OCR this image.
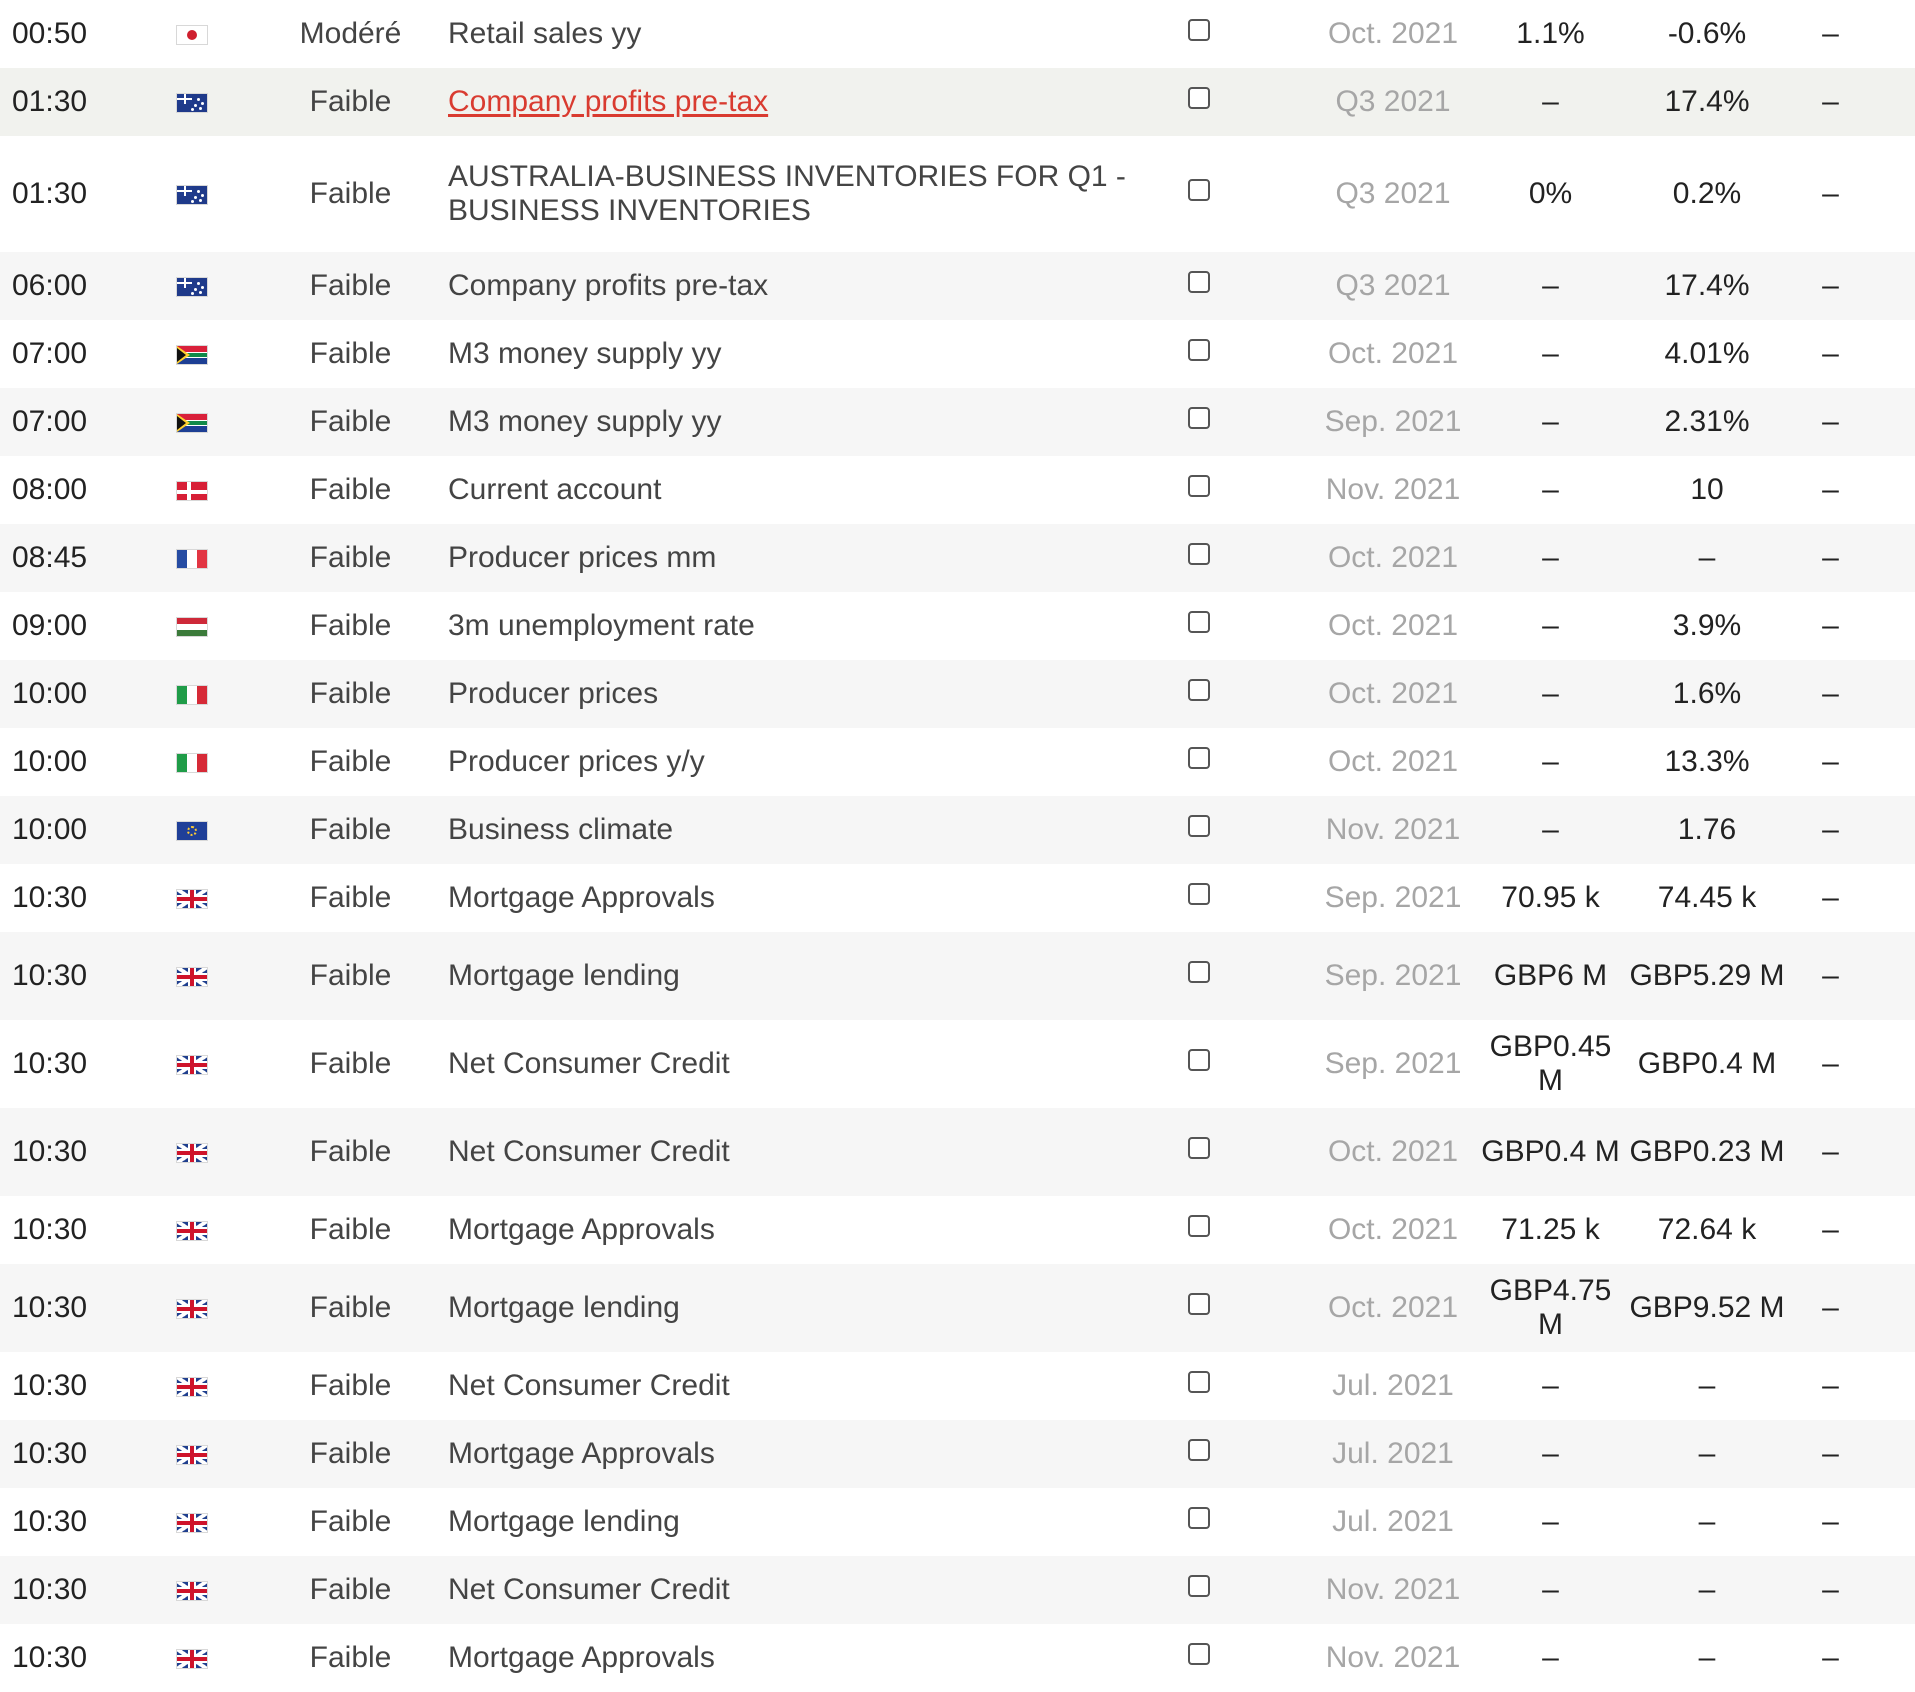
00:50		Modéré	Retail sales yy		Oct. 2021	1.1%	-0.6%	–
01:30		Faible	Company profits pre-tax		Q3 2021	–	17.4%	–
01:30		Faible	AUSTRALIA-BUSINESS INVENTORIES FOR Q1 - BUSINESS INVENTORIES		Q3 2021	0%	0.2%	–
06:00		Faible	Company profits pre-tax		Q3 2021	–	17.4%	–
07:00		Faible	M3 money supply yy		Oct. 2021	–	4.01%	–
07:00		Faible	M3 money supply yy		Sep. 2021	–	2.31%	–
08:00		Faible	Current account		Nov. 2021	–	10	–
08:45		Faible	Producer prices mm		Oct. 2021	–	–	–
09:00		Faible	3m unemployment rate		Oct. 2021	–	3.9%	–
10:00		Faible	Producer prices		Oct. 2021	–	1.6%	–
10:00		Faible	Producer prices y/y		Oct. 2021	–	13.3%	–
10:00		Faible	Business climate		Nov. 2021	–	1.76	–
10:30		Faible	Mortgage Approvals		Sep. 2021	70.95 k	74.45 k	–
10:30		Faible	Mortgage lending		Sep. 2021	GBP6 M	GBP5.29 M	–
10:30		Faible	Net Consumer Credit		Sep. 2021	GBP0.45 M	GBP0.4 M	–
10:30		Faible	Net Consumer Credit		Oct. 2021	GBP0.4 M	GBP0.23 M	–
10:30		Faible	Mortgage Approvals		Oct. 2021	71.25 k	72.64 k	–
10:30		Faible	Mortgage lending		Oct. 2021	GBP4.75 M	GBP9.52 M	–
10:30		Faible	Net Consumer Credit		Jul. 2021	–	–	–
10:30		Faible	Mortgage Approvals		Jul. 2021	–	–	–
10:30		Faible	Mortgage lending		Jul. 2021	–	–	–
10:30		Faible	Net Consumer Credit		Nov. 2021	–	–	–
10:30		Faible	Mortgage Approvals		Nov. 2021	–	–	–
